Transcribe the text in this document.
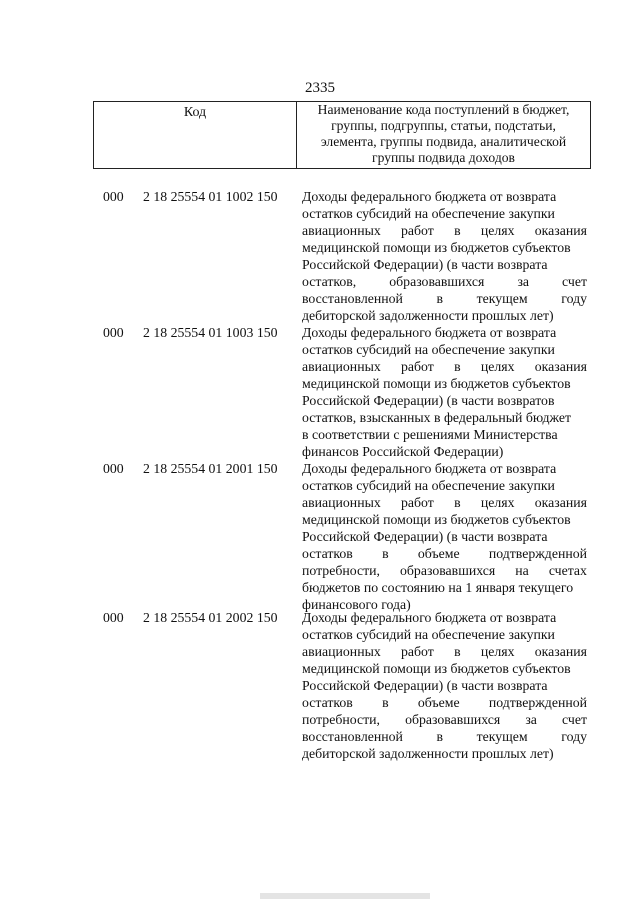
2335
Код	Наименование кода поступлений в бюджет,
группы, подгруппы, статьи, подстатьи,
элемента, группы подвида, аналитической
группы подвида доходов
000 2 18 25554 01 1002 150 Доходы федерального бюджета от возврата
остатков субсидий на обеспечение закупки
авиационных работ в целях оказания
медицинской помощи из бюджетов субъектов
Российской Федерации) (в части возврата
остатков, образовавшихся за счет
восстановленной в текущем году
дебиторской задолженности прошлых лет)
000 2 18 25554 01 1003 150 Доходы федерального бюджета от возврата
остатков субсидий на обеспечение закупки
авиационных работ в целях оказания
медицинской помощи из бюджетов субъектов
Российской Федерации) (в части возвратов
остатков, взысканных в федеральный бюджет
в соответствии с решениями Министерства
финансов Российской Федерации)
000 2 18 25554 01 2001 150 Доходы федерального бюджета от возврата
остатков субсидий на обеспечение закупки
авиационных работ в целях оказания
медицинской помощи из бюджетов субъектов
Российской Федерации) (в части возврата
остатков в объеме подтвержденной
потребности, образовавшихся на счетах
бюджетов по состоянию на 1 января текущего
финансового года)
000 2 18 25554 01 2002 150 Доходы федерального бюджета от возврата
остатков субсидий на обеспечение закупки
авиационных работ в целях оказания
медицинской помощи из бюджетов субъектов
Российской Федерации) (в части возврата
остатков в объеме подтвержденной
потребности, образовавшихся за счет
восстановленной в текущем году
дебиторской задолженности прошлых лет)
